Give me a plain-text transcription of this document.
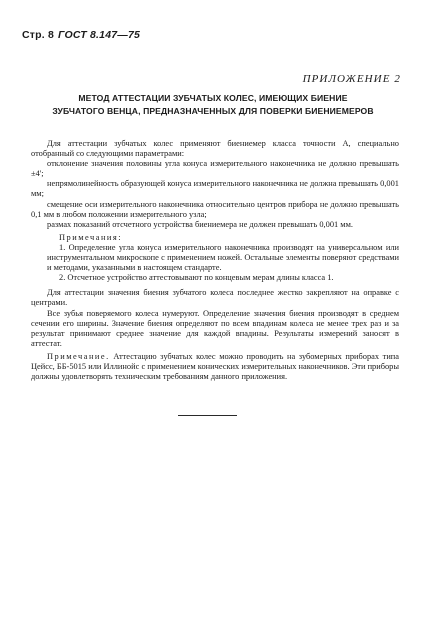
Стр. 8 ГОСТ 8.147—75
ПРИЛОЖЕНИЕ 2
МЕТОД АТТЕСТАЦИИ ЗУБЧАТЫХ КОЛЕС, ИМЕЮЩИХ БИЕНИЕ
ЗУБЧАТОГО ВЕНЦА, ПРЕДНАЗНАЧЕННЫХ ДЛЯ ПОВЕРКИ БИЕНИЕМЕРОВ

Для аттестации зубчатых колес применяют биениемер класса точности А, специально отобранный со следующими параметрами:

отклонение значения половины угла конуса измерительного наконечника не должно превышать ±4';

непрямолинейность образующей конуса измерительного наконечника не должна превышать 0,001 мм;

смещение оси измерительного наконечника относительно центров прибора не должно превышать 0,1 мм в любом положении измерительного узла;

размах показаний отсчетного устройства биениемера не должен превышать 0,001 мм.

Примечания:

1. Определение угла конуса измерительного наконечника производят на универсальном или инструментальном микроскопе с применением ножей. Остальные элементы поверяют средствами и методами, указанными в настоящем стандарте.

2. Отсчетное устройство аттестовывают по концевым мерам длины класса 1.

Для аттестации значения биения зубчатого колеса последнее жестко закрепляют на оправке с центрами.

Все зубья поверяемого колеса нумеруют. Определение значения биения производят в среднем сечении его ширины. Значение биения определяют по всем впадинам колеса не менее трех раз и за результат принимают среднее значение для каждой впадины. Результаты измерений заносят в аттестат.

Примечание. Аттестацию зубчатых колес можно проводить на зубомерных приборах типа Цейсс, ББ-5015 или Иллинойс с применением конических измерительных наконечников. Эти приборы должны удовлетворять техническим требованиям данного приложения.
